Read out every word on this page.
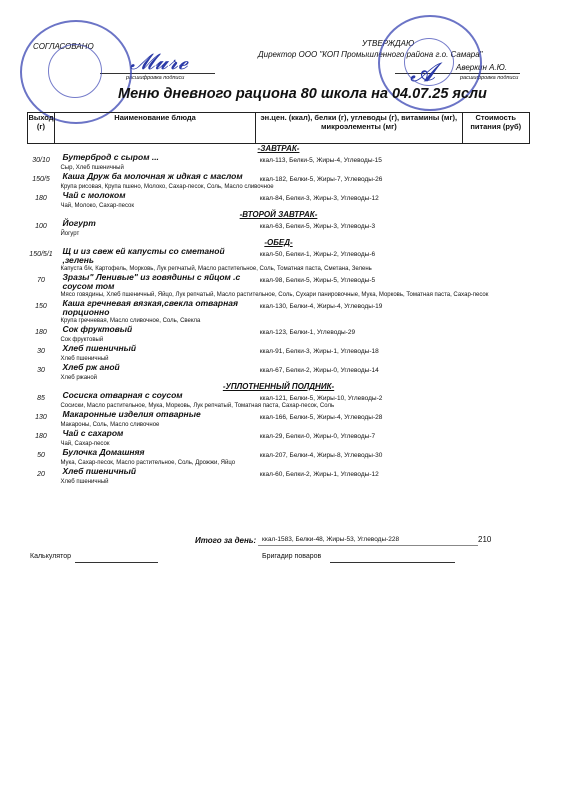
СОГЛАСОВАНО	УТВЕРЖДАЮ
Директор ООО "КОП Промышленного района г.о. Самара"
Аверкин А.Ю.
расшифровка подписи	расшифровка подписи
𝓜𝓾𝓻𝓮	𝓐
Меню дневного рациона 80 школа на 04.07.25 ясли
Выход (г)	Наименование блюда	эн.цен. (ккал), белки (г), углеводы (г), витамины (мг), микроэлементы (мг)	Стоимость питания (руб)
-ЗАВТРАК-			
30/10	Бутерброд с сыром ...	ккал-113, Белки-5, Жиры-4, Углеводы-15	
	Сыр, Хлеб пшеничный		
150/5	Каша Друж ба молочная ж идкая с маслом	ккал-182, Белки-5, Жиры-7, Углеводы-26	
	Крупа рисовая, Крупа пшено, Молоко, Сахар-песок, Соль, Масло сливочное		
180	Чай с молоком	ккал-84, Белки-3, Жиры-3, Углеводы-12	
	Чай, Молоко, Сахар-песок		
-ВТОРОЙ ЗАВТРАК-			
100	Йогурт	ккал-63, Белки-5, Жиры-3, Углеводы-3	
	Йогурт		
-ОБЕД-			
150/5/1	Щ и из свеж ей капусты со сметаной ,зелень	ккал-50, Белки-1, Жиры-2, Углеводы-6	
	Капуста б/к, Картофель, Морковь, Лук репчатый, Масло растительное, Соль, Томатная паста, Сметана, Зелень		
70	Зразы" Ленивые" из говядины с яйцом .с соусом том	ккал-98, Белки-5, Жиры-5, Углеводы-5	
	Мясо говядины, Хлеб пшеничный, Яйцо, Лук репчатый, Масло растительное, Соль, Сухари панировочные, Мука, Морковь, Томатная паста, Сахар-песок		
150	Каша гречневая вязкая,свекла отварная порционно	ккал-130, Белки-4, Жиры-4, Углеводы-19	
	Крупа гречневая, Масло сливочное, Соль, Свекла		
180	Сок фруктовый	ккал-123, Белки-1, Углеводы-29	
	Сок фруктовый		
30	Хлеб пшеничный	ккал-91, Белки-3, Жиры-1, Углеводы-18	
	Хлеб пшеничный		
30	Хлеб рж аной	ккал-67, Белки-2, Жиры-0, Углеводы-14	
	Хлеб ржаной		
-УПЛОТНЕННЫЙ ПОЛДНИК-			
85	Сосиска отварная с соусом	ккал-121, Белки-5, Жиры-10, Углеводы-2	
	Сосиски, Масло растительное, Мука, Морковь, Лук репчатый, Томатная паста, Сахар-песок, Соль		
130	Макаронные изделия отварные	ккал-166, Белки-5, Жиры-4, Углеводы-28	
	Макароны, Соль, Масло сливочное		
180	Чай с сахаром	ккал-29, Белки-0, Жиры-0, Углеводы-7	
	Чай, Сахар-песок		
50	Булочка Домашняя	ккал-207, Белки-4, Жиры-8, Углеводы-30	
	Мука, Сахар-песок, Масло растительное, Соль, Дрожжи, Яйцо		
20	Хлеб пшеничный	ккал-60, Белки-2, Жиры-1, Углеводы-12	
	Хлеб пшеничный		
Итого за день: ккал-1583, Белки-48, Жиры-53, Углеводы-228	210
Калькулятор	Бригадир поваров
